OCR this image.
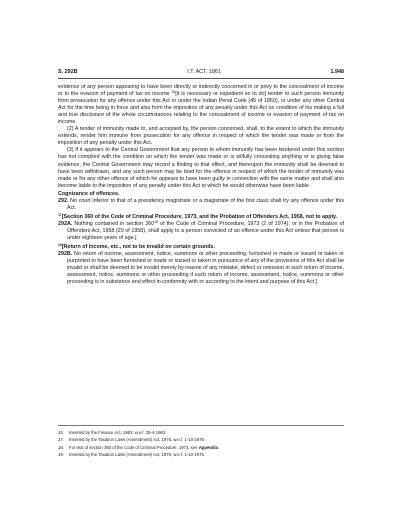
S. 292B	I.T. ACT, 1961	1.948

evidence of any person appearing to have been directly or indirectly concerned in or privy to the concealment of income or to the evasion of payment of tax on income $^{16}$[it is necessary or expedient so to do] tender to such person immunity from prosecution for any offence under this Act or under the Indian Penal Code (45 of 1860), or under any other Central Act for the time being in force and also from the imposition of any penalty under this Act on condition of his making a full and true disclosure of the whole circumstances relating to the concealment of income or evasion of payment of tax on income.

(2) A tender of immunity made to, and accepted by, the person concerned, shall, to the extent to which the immunity extends, render him immune from prosecution for any offence in respect of which the tender was made or from the imposition of any penalty under this Act.

(3) If it appears to the Central Government that any person to whom immunity has been tendered under this section has not complied with the condition on which the tender was made or is wilfully concealing anything or is giving false evidence, the Central Government may record a finding to that effect, and thereupon the immunity shall be deemed to have been withdrawn, and any such person may be tried for the offence in respect of which the tender of immunity was made or for any other offence of which he appears to have been guilty in connection with the same matter and shall also become liable to the imposition of any penalty under this Act to which he would otherwise have been liable.

Cognizance of offences.

292. No court inferior to that of a presidency magistrate or a magistrate of the first class shall try any offence under this Act.

$^{17}$[Section 360 of the Code of Criminal Procedure, 1973, and the Probation of Offenders Act, 1958, not to apply.

292A. Nothing contained in section $360^{18}$ of the Code of Criminal Procedure, 1973 (2 of 1974), or in the Probation of Offenders Act, 1958 (20 of 1958), shall apply to a person convicted of an offence under this Act unless that person is under eighteen years of age.]

$^{19}$[Return of income, etc., not to be invalid on certain grounds.

292B. No return of income, assessment, notice, summons or other proceeding, furnished or made or issued or taken or purported to have been furnished or made or issued or taken in pursuance of any of the provisions of this Act shall be invalid or shall be deemed to be invalid merely by reason of any mistake, defect or omission in such return of income, assessment, notice, summons or other proceeding if such return of income, assessment, notice, summons or other proceeding is in substance and effect in conformity with or according to the intent and purpose of this Act.]

16. Inserted by the Finance Act, 1963, w.e.f. 28-4-1963.
17. Inserted by the Taxation Laws (Amendment) Act, 1975, w.e.f. 1-10-1975.
18. For text of section 360 of the Code of Criminal Procedure, 1973, see Appendix.
19. Inserted by the Taxation Laws (Amendment) Act, 1975, w.e.f. 1-10-1975.
